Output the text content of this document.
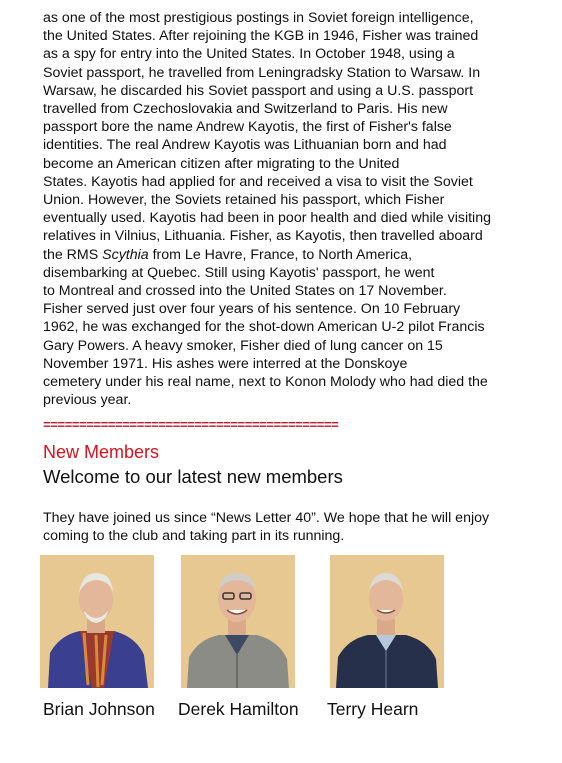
as one of the most prestigious postings in Soviet foreign intelligence,
the United States. After rejoining the KGB in 1946, Fisher was trained
as a spy for entry into the United States. In October 1948, using a
Soviet passport, he travelled from Leningradsky Station to Warsaw. In
Warsaw, he discarded his Soviet passport and using a U.S. passport
travelled from Czechoslovakia and Switzerland to Paris. His new
passport bore the name Andrew Kayotis, the first of Fisher's false
identities. The real Andrew Kayotis was Lithuanian born and had
become an American citizen after migrating to the United
States. Kayotis had applied for and received a visa to visit the Soviet
Union. However, the Soviets retained his passport, which Fisher
eventually used. Kayotis had been in poor health and died while visiting
relatives in Vilnius, Lithuania. Fisher, as Kayotis, then travelled aboard
the RMS Scythia from Le Havre, France, to North America,
disembarking at Quebec. Still using Kayotis' passport, he went
to Montreal and crossed into the United States on 17 November.
Fisher served just over four years of his sentence. On 10 February
1962, he was exchanged for the shot-down American U-2 pilot Francis
Gary Powers. A heavy smoker, Fisher died of lung cancer on 15
November 1971. His ashes were interred at the Donskoye
cemetery under his real name, next to Konon Molody who had died the
previous year.
=========================================
New Members
Welcome to our latest new members
They have joined us since “News Letter 40”. We hope that he will enjoy
coming to the club and taking part in its running.
Brian Johnson Derek Hamilton Terry Hearn
